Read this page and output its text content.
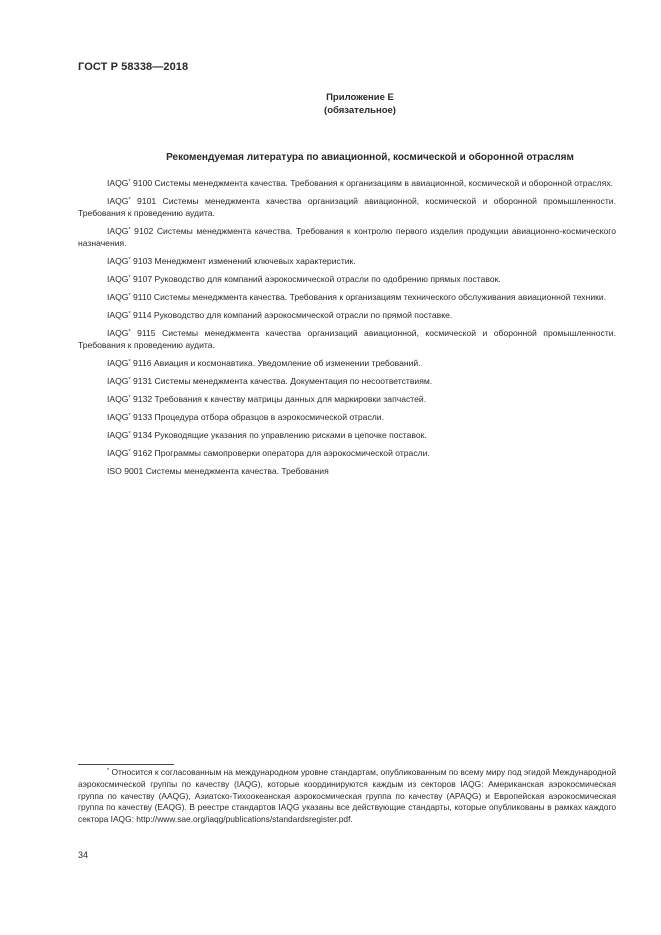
ГОСТ Р 58338—2018
Приложение Е
(обязательное)
Рекомендуемая литература по авиационной, космической и оборонной отраслям
IAQG* 9100 Системы менеджмента качества. Требования к организациям в авиационной, космической и оборонной отраслях.
IAQG* 9101 Системы менеджмента качества организаций авиационной, космической и оборонной промышленности. Требования к проведению аудита.
IAQG* 9102 Системы менеджмента качества. Требования к контролю первого изделия продукции авиационно-космического назначения.
IAQG* 9103 Менеджмент изменений ключевых характеристик.
IAQG* 9107 Руководство для компаний аэрокосмической отрасли по одобрению прямых поставок.
IAQG* 9110 Системы менеджмента качества. Требования к организациям технического обслуживания авиационной техники.
IAQG* 9114 Руководство для компаний аэрокосмической отрасли по прямой поставке.
IAQG* 9115 Системы менеджмента качества организаций авиационной, космической и оборонной промышленности. Требования к проведению аудита.
IAQG* 9116 Авиация и космонавтика. Уведомление об изменении требований.
IAQG* 9131 Системы менеджмента качества. Документация по несоответствиям.
IAQG* 9132 Требования к качеству матрицы данных для маркировки запчастей.
IAQG* 9133 Процедура отбора образцов в аэрокосмической отрасли.
IAQG* 9134 Руководящие указания по управлению рисками в цепочке поставок.
IAQG* 9162 Программы самопроверки оператора для аэрокосмической отрасли.
ISO 9001 Системы менеджмента качества. Требования
* Относится к согласованным на международном уровне стандартам, опубликованным по всему миру под эгидой Международной аэрокосмической группы по качеству (IAQG), которые координируются каждым из секторов IAQG: Американская аэрокосмическая группа по качеству (AAQG), Азиатско-Тихоокеанская аэрокосмическая группа по качеству (APAQG) и Европейская аэрокосмическая группа по качеству (EAQG). В реестре стандартов IAQG указаны все действующие стандарты, которые опубликованы в рамках каждого сектора IAQG: http://www.sae.org/iaqg/publications/standardsregister.pdf.
34
